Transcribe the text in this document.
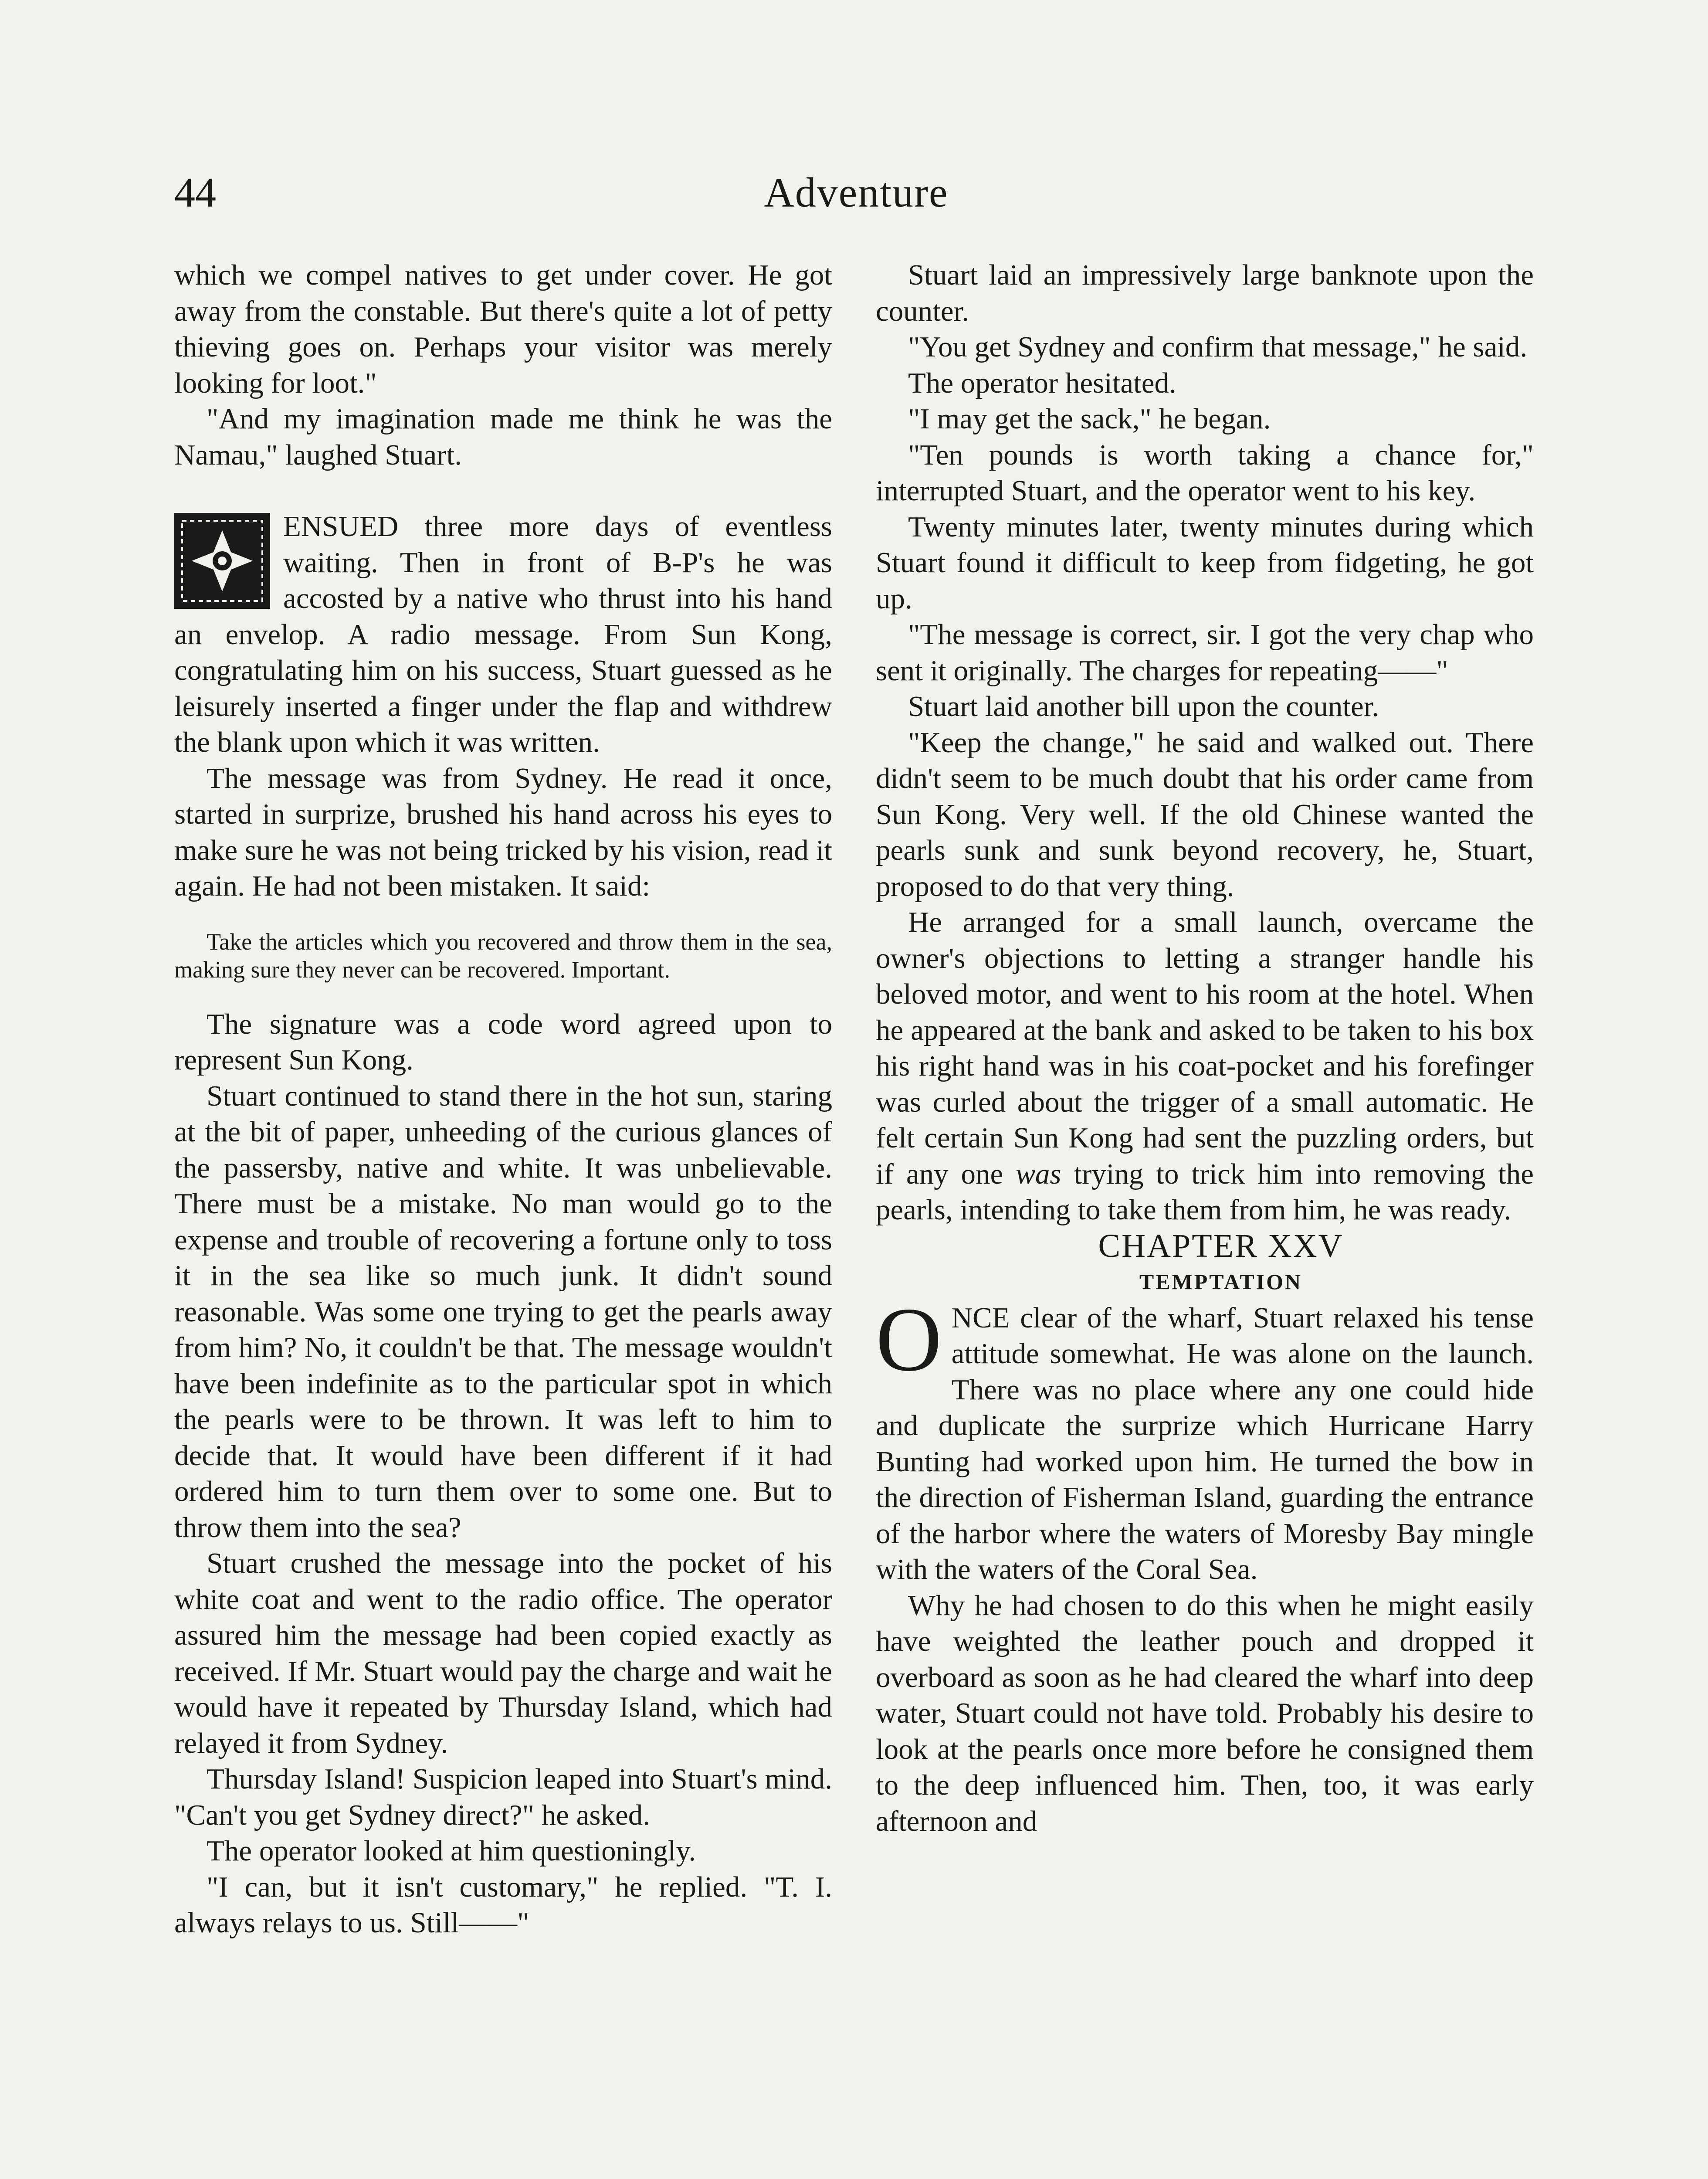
44	Adventure

which we compel natives to get under cover. He got away from the constable. But there's quite a lot of petty thieving goes on. Perhaps your visitor was merely looking for loot."

"And my imagination made me think he was the Namau," laughed Stuart.

ENSUED three more days of eventless waiting. Then in front of B-P's he was accosted by a native who thrust into his hand an envelop. A radio message. From Sun Kong, congratulating him on his success, Stuart guessed as he leisurely inserted a finger under the flap and withdrew the blank upon which it was written.

The message was from Sydney. He read it once, started in surprize, brushed his hand across his eyes to make sure he was not being tricked by his vision, read it again. He had not been mistaken. It said:

Take the articles which you recovered and throw them in the sea, making sure they never can be recovered. Important.

The signature was a code word agreed upon to represent Sun Kong.

Stuart continued to stand there in the hot sun, staring at the bit of paper, unheeding of the curious glances of the passersby, native and white. It was unbelievable. There must be a mistake. No man would go to the expense and trouble of recovering a fortune only to toss it in the sea like so much junk. It didn't sound reasonable. Was some one trying to get the pearls away from him? No, it couldn't be that. The message wouldn't have been indefinite as to the particular spot in which the pearls were to be thrown. It was left to him to decide that. It would have been different if it had ordered him to turn them over to some one. But to throw them into the sea?

Stuart crushed the message into the pocket of his white coat and went to the radio office. The operator assured him the message had been copied exactly as received. If Mr. Stuart would pay the charge and wait he would have it repeated by Thursday Island, which had relayed it from Sydney.

Thursday Island! Suspicion leaped into Stuart's mind. "Can't you get Sydney direct?" he asked.

The operator looked at him questioningly.

"I can, but it isn't customary," he replied. "T. I. always relays to us. Still——"

Stuart laid an impressively large banknote upon the counter.

"You get Sydney and confirm that message," he said.

The operator hesitated.

"I may get the sack," he began.

"Ten pounds is worth taking a chance for," interrupted Stuart, and the operator went to his key.

Twenty minutes later, twenty minutes during which Stuart found it difficult to keep from fidgeting, he got up.

"The message is correct, sir. I got the very chap who sent it originally. The charges for repeating——"

Stuart laid another bill upon the counter.

"Keep the change," he said and walked out. There didn't seem to be much doubt that his order came from Sun Kong. Very well. If the old Chinese wanted the pearls sunk and sunk beyond recovery, he, Stuart, proposed to do that very thing.

He arranged for a small launch, overcame the owner's objections to letting a stranger handle his beloved motor, and went to his room at the hotel. When he appeared at the bank and asked to be taken to his box his right hand was in his coat-pocket and his forefinger was curled about the trigger of a small automatic. He felt certain Sun Kong had sent the puzzling orders, but if any one was trying to trick him into removing the pearls, intending to take them from him, he was ready.

CHAPTER XXV

TEMPTATION

ONCE clear of the wharf, Stuart relaxed his tense attitude somewhat. He was alone on the launch. There was no place where any one could hide and duplicate the surprize which Hurricane Harry Bunting had worked upon him. He turned the bow in the direction of Fisherman Island, guarding the entrance of the harbor where the waters of Moresby Bay mingle with the waters of the Coral Sea.

Why he had chosen to do this when he might easily have weighted the leather pouch and dropped it overboard as soon as he had cleared the wharf into deep water, Stuart could not have told. Probably his desire to look at the pearls once more before he consigned them to the deep influenced him. Then, too, it was early afternoon and
